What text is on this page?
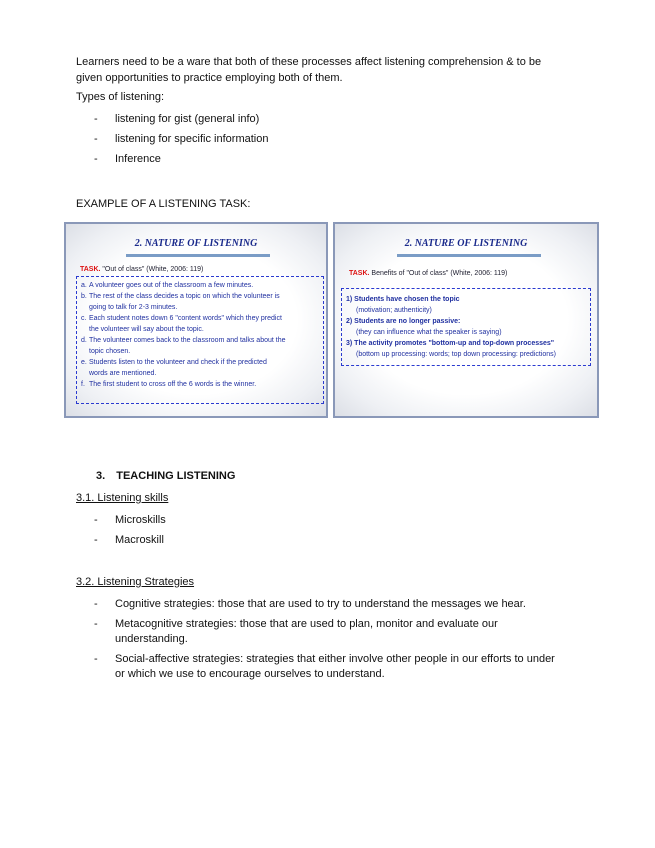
Learners need to be a ware that both of these processes affect listening comprehension & to be
given opportunities to practice employing both of them.
Types of listening:
- listening for gist (general info)
- listening for specific information
- Inference
EXAMPLE OF A LISTENING TASK:
2. NATURE OF LISTENING
TASK. "Out of class" (White, 2006: 119)
a. A volunteer goes out of the classroom a few minutes.
b. The rest of the class decides a topic on which the volunteer is
going to talk for 2-3 minutes.
c. Each student notes down 6 "content words" which they predict
the volunteer will say about the topic.
d. The volunteer comes back to the classroom and talks about the
topic chosen.
e. Students listen to the volunteer and check if the predicted
words are mentioned.
f. The first student to cross off the 6 words is the winner.
2. NATURE OF LISTENING
TASK. Benefits of "Out of class" (White, 2006: 119)
1) Students have chosen the topic
(motivation; authenticity)
2) Students are no longer passive:
(they can influence what the speaker is saying)
3) The activity promotes "bottom-up and top-down processes"
(bottom up processing: words; top down processing: predictions)
3. TEACHING LISTENING
3.1. Listening skills
- Microskills
- Macroskill
3.2. Listening Strategies
- Cognitive strategies: those that are used to try to understand the messages we hear.
- Metacognitive strategies: those that are used to plan, monitor and evaluate our understanding.
- Social-affective strategies: strategies that either involve other people in our efforts to under or which we use to encourage ourselves to understand.
